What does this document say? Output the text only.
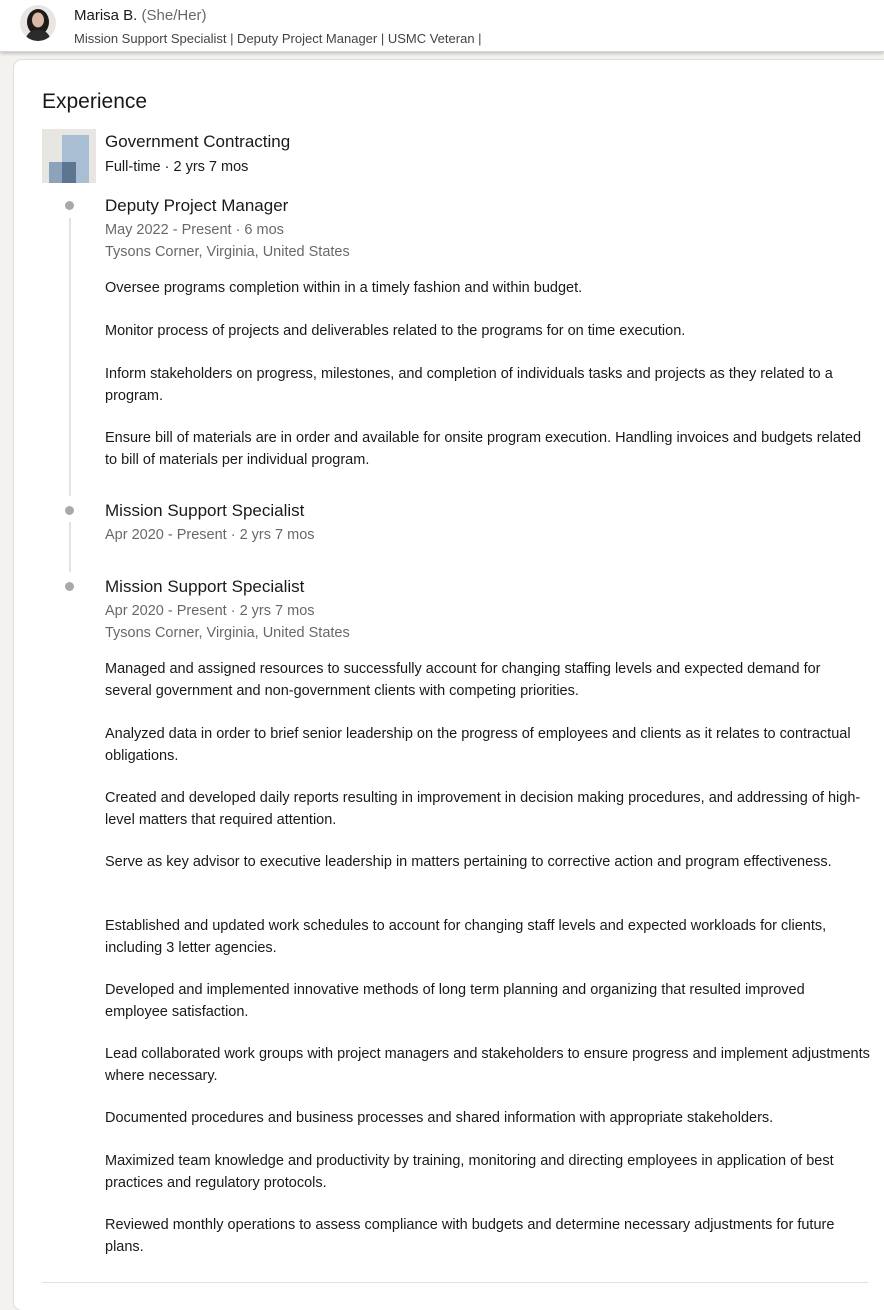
Marisa B. (She/Her)
Mission Support Specialist | Deputy Project Manager | USMC Veteran |
Experience
Government Contracting
Full-time · 2 yrs 7 mos
Deputy Project Manager
May 2022 - Present · 6 mos
Tysons Corner, Virginia, United States
Oversee programs completion within in a timely fashion and within budget.
Monitor process of projects and deliverables related to the programs for on time execution.
Inform stakeholders on progress, milestones, and completion of individuals tasks and projects as they related to a program.
Ensure bill of materials are in order and available for onsite program execution. Handling invoices and budgets related to bill of materials per individual program.
Mission Support Specialist
Apr 2020 - Present · 2 yrs 7 mos
Mission Support Specialist
Apr 2020 - Present · 2 yrs 7 mos
Tysons Corner, Virginia, United States
Managed and assigned resources to successfully account for changing staffing levels and expected demand for several government and non-government clients with competing priorities.
Analyzed data in order to brief senior leadership on the progress of employees and clients as it relates to contractual obligations.
Created and developed daily reports resulting in improvement in decision making procedures, and addressing of high-level matters that required attention.
Serve as key advisor to executive leadership in matters pertaining to corrective action and program effectiveness.
Established and updated work schedules to account for changing staff levels and expected workloads for clients, including 3 letter agencies.
Developed and implemented innovative methods of long term planning and organizing that resulted improved employee satisfaction.
Lead collaborated work groups with project managers and stakeholders to ensure progress and implement adjustments where necessary.
Documented procedures and business processes and shared information with appropriate stakeholders.
Maximized team knowledge and productivity by training, monitoring and directing employees in application of best practices and regulatory protocols.
Reviewed monthly operations to assess compliance with budgets and determine necessary adjustments for future plans.
